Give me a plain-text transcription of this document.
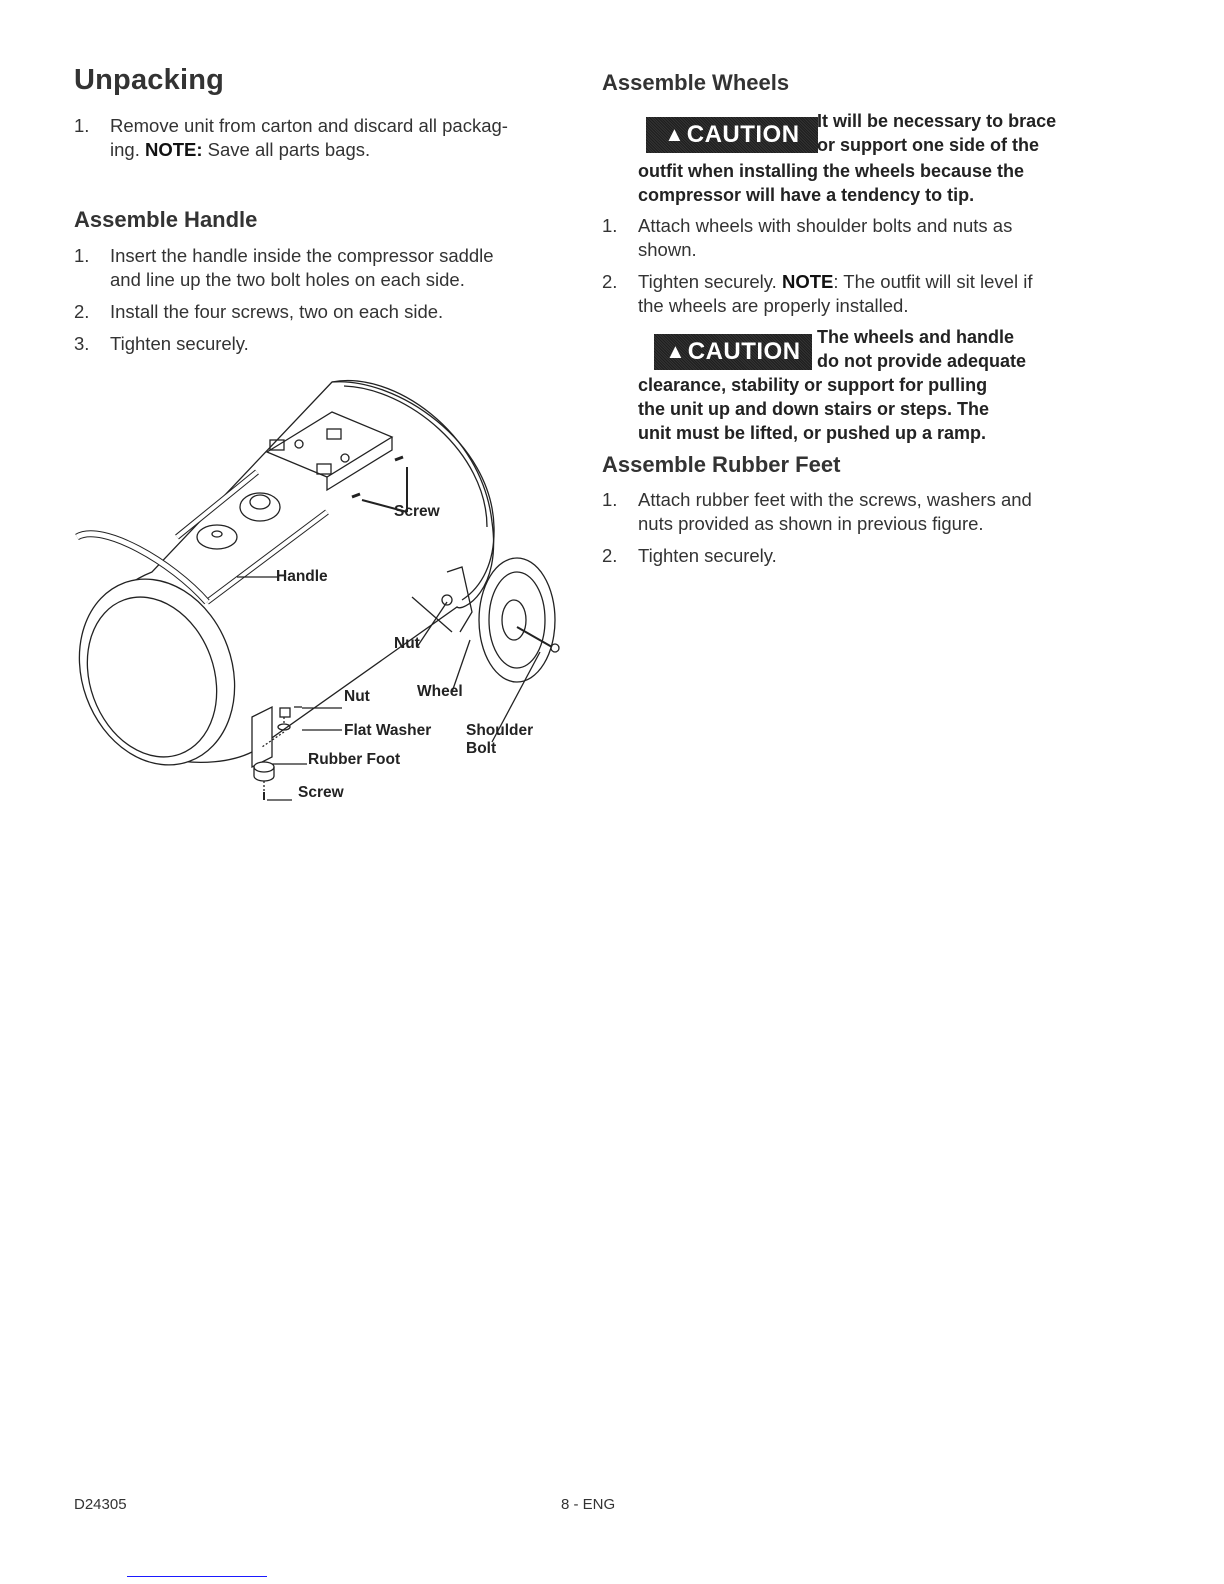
Unpacking
1. Remove unit from carton and discard all packag-
ing. NOTE: Save all parts bags.
Assemble Handle
1. Insert the handle inside the compressor saddle
and line up the two bolt holes on each side.
2. Install the four screws, two on each side.
3. Tighten securely.
Screw
Handle
Nut
Wheel
Nut
Flat Washer Shoulder
Bolt
Rubber Foot
Screw
Assemble Wheels
▲ CAUTION It will be necessary to brace
or support one side of the
outfit when installing the wheels because the
compressor will have a tendency to tip.
1. Attach wheels with shoulder bolts and nuts as
shown.
2. Tighten securely. NOTE: The outfit will sit level if
the wheels are properly installed.
▲ CAUTION
The wheels and handle
do not provide adequate
clearance, stability or support for pulling
the unit up and down stairs or steps. The
unit must be lifted, or pushed up a ramp.
Assemble Rubber Feet
1. Attach rubber feet with the screws, washers and
nuts provided as shown in previous figure.
2. Tighten securely.
D24305	8 - ENG
